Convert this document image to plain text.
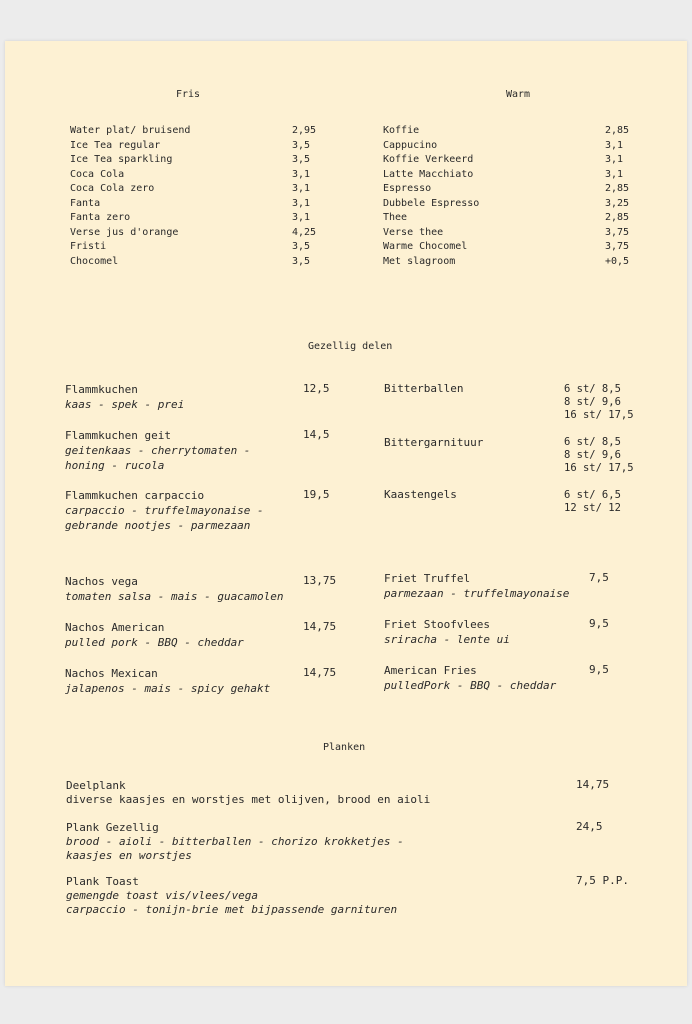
Fris	Warm
Water plat/ bruisend	2,95
Ice Tea regular	3,5
Ice Tea sparkling	3,5
Coca Cola	3,1
Coca Cola zero	3,1
Fanta	3,1
Fanta zero	3,1
Verse jus d'orange	4,25
Fristi	3,5
Chocomel	3,5
Koffie	2,85
Cappucino	3,1
Koffie Verkeerd	3,1
Latte Macchiato	3,1
Espresso	2,85
Dubbele Espresso	3,25
Thee	2,85
Verse thee	3,75
Warme Chocomel	3,75
Met slagroom	+0,5
Gezellig delen
Flammkuchen
kaas - spek - prei
12,5
Flammkuchen geit
geitenkaas - cherrytomaten -
honing - rucola
14,5
Flammkuchen carpaccio
carpaccio - truffelmayonaise -
gebrande nootjes - parmezaan
19,5
Bitterballen	6 st/ 8,5
8 st/ 9,6
16 st/ 17,5
Bittergarnituur	6 st/ 8,5
8 st/ 9,6
16 st/ 17,5
Kaastengels	6 st/ 6,5
12 st/ 12
Nachos vega
tomaten salsa - mais - guacamolen
13,75
Nachos American
pulled pork - BBQ - cheddar
14,75
Nachos Mexican
jalapenos - mais - spicy gehakt
14,75
Friet Truffel
parmezaan - truffelmayonaise
7,5
Friet Stoofvlees
sriracha - lente ui
9,5
American Fries
pulledPork - BBQ - cheddar
9,5
Planken
Deelplank
diverse kaasjes en worstjes met olijven, brood en aioli
14,75
Plank Gezellig
brood - aioli - bitterballen - chorizo krokketjes -
kaasjes en worstjes
24,5
Plank Toast
gemengde toast vis/vlees/vega
carpaccio - tonijn-brie met bijpassende garnituren
7,5 P.P.
